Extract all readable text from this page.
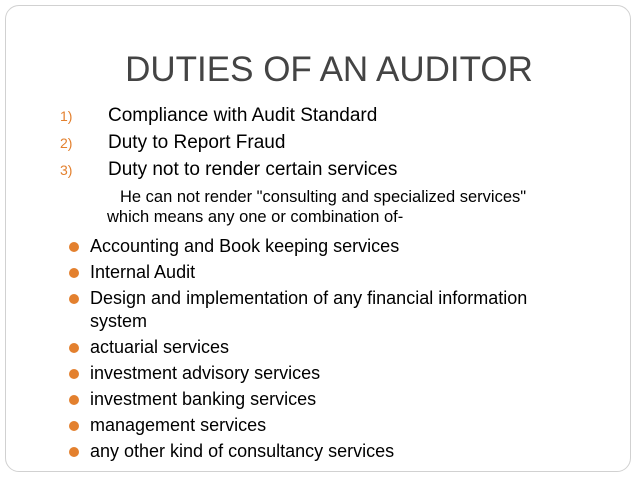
DUTIES OF AN AUDITOR
1) Compliance with Audit Standard
2) Duty to Report Fraud
3) Duty not to render certain services
He can not render "consulting and specialized services"
which means any one or combination of-
Accounting and Book keeping services
Internal Audit
Design and implementation of any financial information system
actuarial services
investment advisory services
investment banking services
management services
any other kind of consultancy services
